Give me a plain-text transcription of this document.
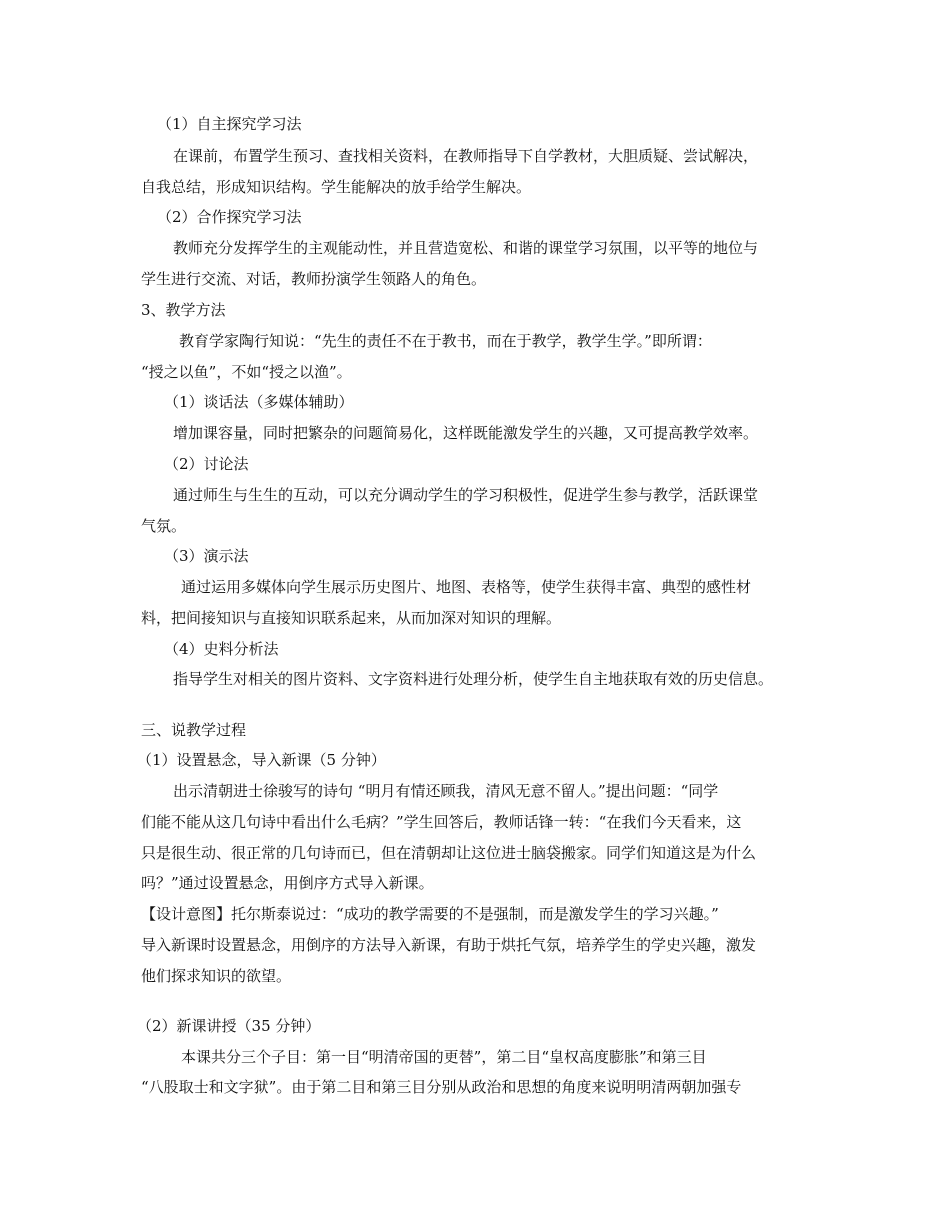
（1）自主探究学习法
在课前，布置学生预习、查找相关资料，在教师指导下自学教材，大胆质疑、尝试解决，
自我总结，形成知识结构。学生能解决的放手给学生解决。
（2）合作探究学习法
教师充分发挥学生的主观能动性，并且营造宽松、和谐的课堂学习氛围，以平等的地位与
学生进行交流、对话，教师扮演学生领路人的角色。
3、教学方法
教育学家陶行知说：“先生的责任不在于教书，而在于教学，教学生学。”即所谓：
“授之以鱼”，不如“授之以渔”。
（1）谈话法（多媒体辅助）
增加课容量，同时把繁杂的问题简易化，这样既能激发学生的兴趣，又可提高教学效率。
（2）讨论法
通过师生与生生的互动，可以充分调动学生的学习积极性，促进学生参与教学，活跃课堂
气氛。
（3）演示法
通过运用多媒体向学生展示历史图片、地图、表格等，使学生获得丰富、典型的感性材
料，把间接知识与直接知识联系起来，从而加深对知识的理解。
（4）史料分析法
指导学生对相关的图片资料、文字资料进行处理分析，使学生自主地获取有效的历史信息。
三、说教学过程
（1）设置悬念，导入新课（5 分钟）
出示清朝进士徐骏写的诗句 “明月有情还顾我，清风无意不留人。”提出问题：“同学
们能不能从这几句诗中看出什么毛病？”学生回答后，教师话锋一转：“在我们今天看来，这
只是很生动、很正常的几句诗而已，但在清朝却让这位进士脑袋搬家。同学们知道这是为什么
吗？”通过设置悬念，用倒序方式导入新课。
【设计意图】托尔斯泰说过：“成功的教学需要的不是强制，而是激发学生的学习兴趣。”
导入新课时设置悬念，用倒序的方法导入新课，有助于烘托气氛，培养学生的学史兴趣，激发
他们探求知识的欲望。
（2）新课讲授（35 分钟）
本课共分三个子目：第一目“明清帝国的更替”，第二目“皇权高度膨胀”和第三目
“八股取士和文字狱”。由于第二目和第三目分别从政治和思想的角度来说明明清两朝加强专
